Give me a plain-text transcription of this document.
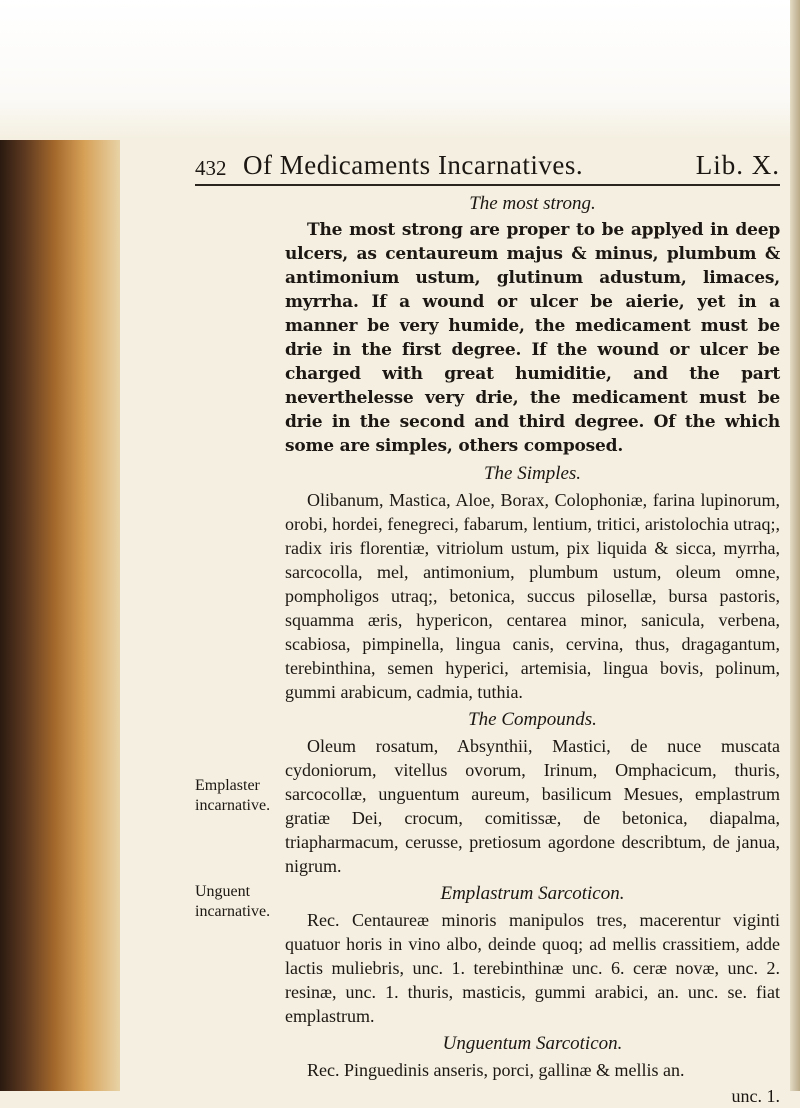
432 Of Medicaments Incarnatives.	Lib. X.
Emplaster incarnative.
Unguent incarnative.
The most strong.

The most strong are proper to be applyed in deep ulcers, as centaureum majus & minus, plumbum & antimonium ustum, glutinum adustum, limaces, myrrha. If a wound or ulcer be aierie, yet in a manner be very humide, the medicament must be drie in the first degree. If the wound or ulcer be charged with great humiditie, and the part neverthelesse very drie, the medicament must be drie in the second and third degree. Of the which some are simples, others composed.

The Simples.

Olibanum, Mastica, Aloe, Borax, Colophoniæ, farina lupinorum, orobi, hordei, fenegreci, fabarum, lentium, tritici, aristolochia utraq;, radix iris florentiæ, vitriolum ustum, pix liquida & sicca, myrrha, sarcocolla, mel, antimonium, plumbum ustum, oleum omne, pompholigos utraq;, betonica, succus pilosellæ, bursa pastoris, squamma æris, hypericon, centarea minor, sanicula, verbena, scabiosa, pimpinella, lingua canis, cervina, thus, dragagantum, terebinthina, semen hyperici, artemisia, lingua bovis, polinum, gummi arabicum, cadmia, tuthia.

The Compounds.

Oleum rosatum, Absynthii, Mastici, de nuce muscata cydoniorum, vitellus ovorum, Irinum, Omphacicum, thuris, sarcocollæ, unguentum aureum, basilicum Mesues, emplastrum gratiæ Dei, crocum, comitissæ, de betonica, diapalma, triapharmacum, cerusse, pretiosum agordone describtum, de janua, nigrum.

Emplastrum Sarcoticon.

Rec. Centaureæ minoris manipulos tres, macerentur viginti quatuor horis in vino albo, deinde quoq; ad mellis crassitiem, adde lactis muliebris, unc. 1. terebinthinæ unc. 6. ceræ novæ, unc. 2. resinæ, unc. 1. thuris, masticis, gummi arabici, an. unc. se. fiat emplastrum.

Unguentum Sarcoticon.

Rec. Pinguedinis anseris, porci, gallinæ & mellis an.

unc. 1.
